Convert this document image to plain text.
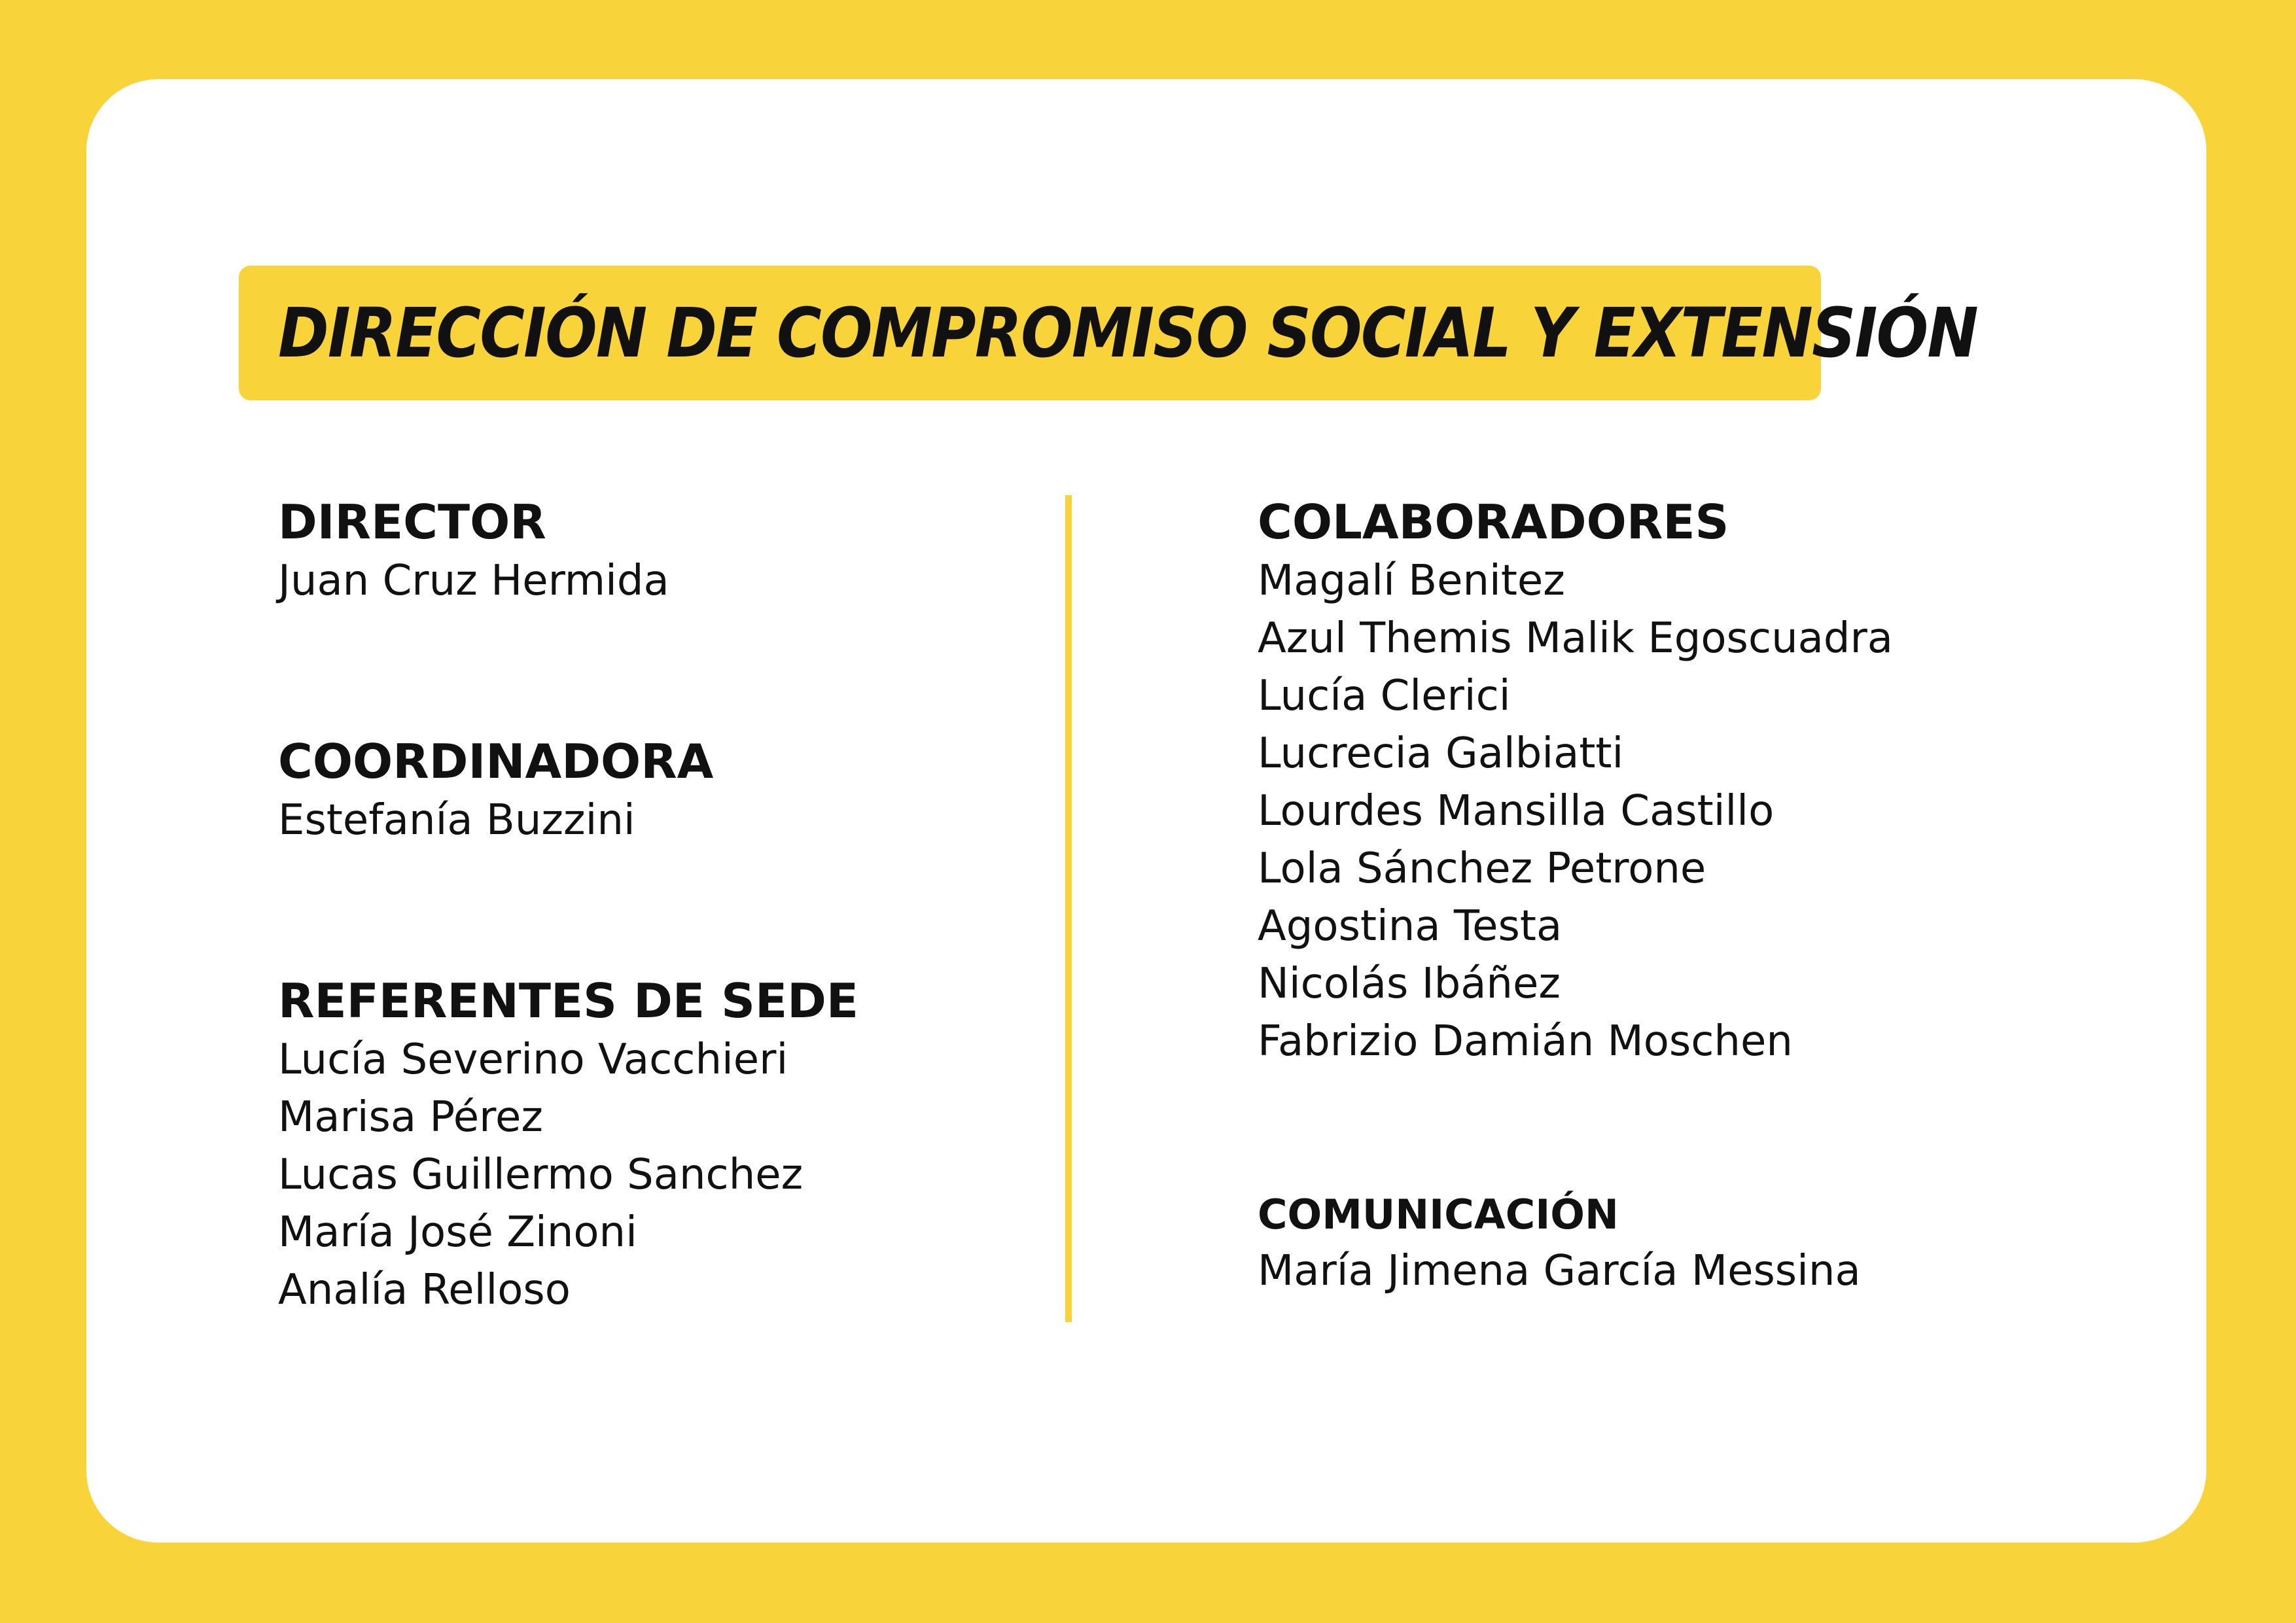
DIRECCIÓN DE COMPROMISO SOCIAL Y EXTENSIÓN
DIRECTOR
Juan Cruz Hermida
COORDINADORA
Estefanía Buzzini
REFERENTES DE SEDE
Lucía Severino Vacchieri
Marisa Pérez
Lucas Guillermo Sanchez
María José Zinoni
Analía Relloso
COLABORADORES
Magalí Benitez
Azul Themis Malik Egoscuadra
Lucía Clerici
Lucrecia Galbiatti
Lourdes Mansilla Castillo
Lola Sánchez Petrone
Agostina Testa
Nicolás Ibáñez
Fabrizio Damián Moschen
COMUNICACIÓN
María Jimena García Messina
